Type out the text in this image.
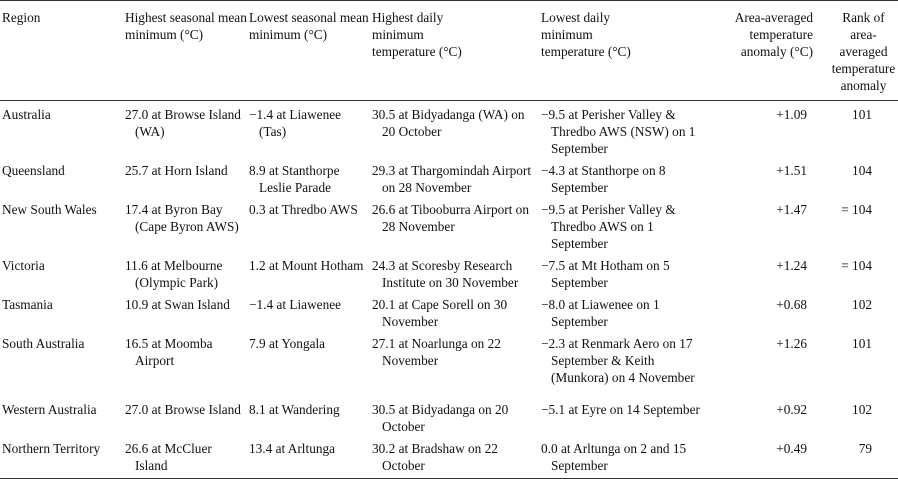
Region	Highest seasonal mean minimum (°C)	Lowest seasonal mean minimum (°C)	Highest daily minimum temperature (°C)	Lowest daily minimum temperature (°C)	Area-averaged temperature anomaly (°C)	Rank of area-averaged temperature anomaly
Australia	27.0 at Browse Island (WA)	−1.4 at Liawenee (Tas)	30.5 at Bidyadanga (WA) on 20 October	−9.5 at Perisher Valley & Thredbo AWS (NSW) on 1 September	+1.09	101
Queensland	25.7 at Horn Island	8.9 at Stanthorpe Leslie Parade	29.3 at Thargomindah Airport on 28 November	−4.3 at Stanthorpe on 8 September	+1.51	104
New South Wales	17.4 at Byron Bay (Cape Byron AWS)	0.3 at Thredbo AWS	26.6 at Tibooburra Airport on 28 November	−9.5 at Perisher Valley & Thredbo AWS on 1 September	+1.47	= 104
Victoria	11.6 at Melbourne (Olympic Park)	1.2 at Mount Hotham	24.3 at Scoresby Research Institute on 30 November	−7.5 at Mt Hotham on 5 September	+1.24	= 104
Tasmania	10.9 at Swan Island	−1.4 at Liawenee	20.1 at Cape Sorell on 30 November	−8.0 at Liawenee on 1 September	+0.68	102
South Australia	16.5 at Moomba Airport	7.9 at Yongala	27.1 at Noarlunga on 22 November	−2.3 at Renmark Aero on 17 September & Keith (Munkora) on 4 November	+1.26	101
Western Australia	27.0 at Browse Island	8.1 at Wandering	30.5 at Bidyadanga on 20 October	−5.1 at Eyre on 14 September	+0.92	102
Northern Territory	26.6 at McCluer Island	13.4 at Arltunga	30.2 at Bradshaw on 22 October	0.0 at Arltunga on 2 and 15 September	+0.49	79
